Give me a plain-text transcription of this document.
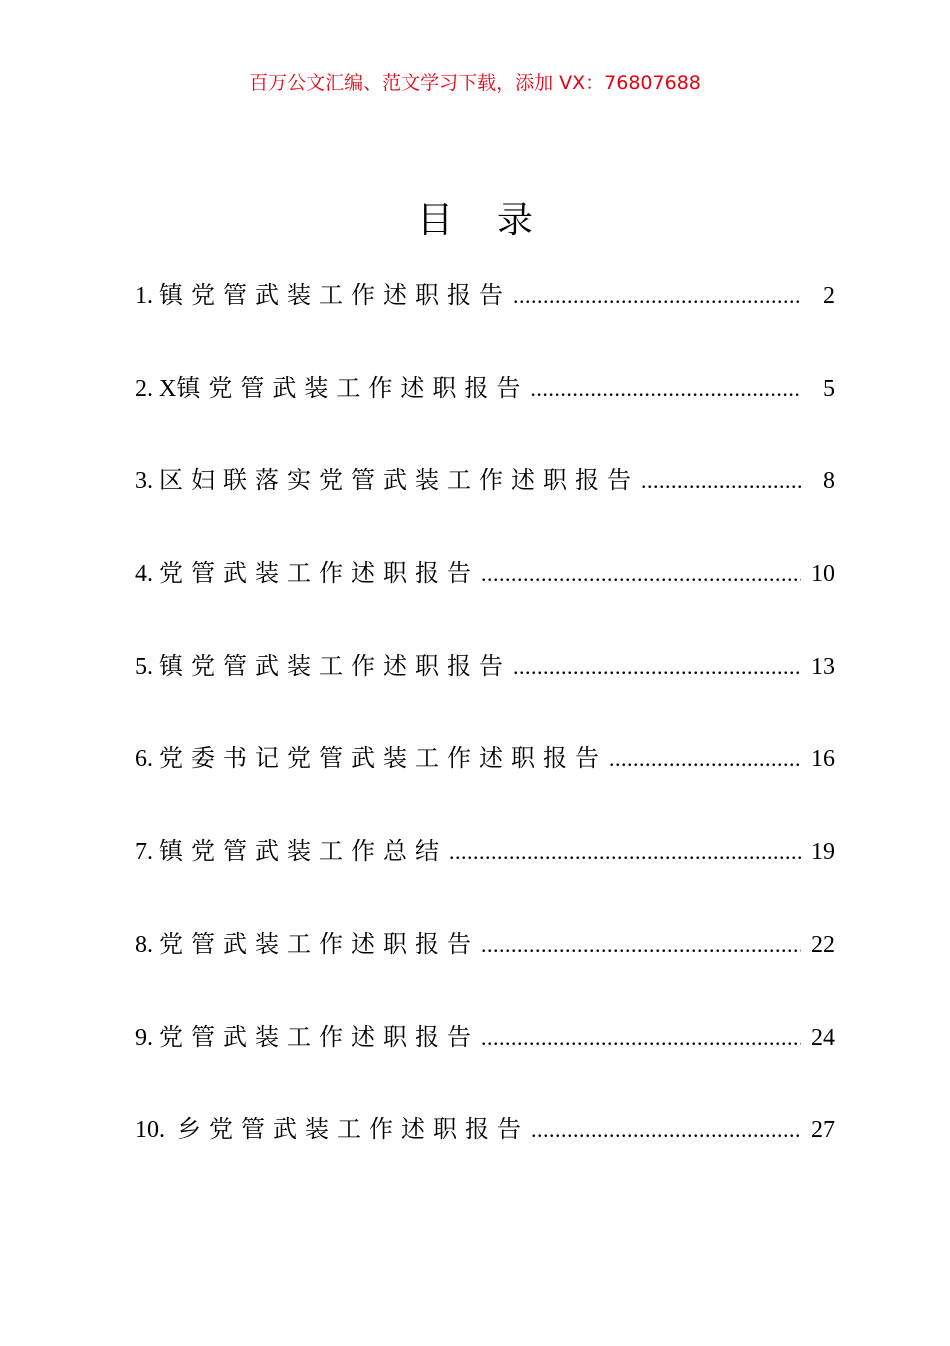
百万公文汇编、范文学习下载，添加 VX：76807688
目录
1. 镇党管武装工作述职报告 .....	2
2. X 镇党管武装工作述职报告 .....	5
3. 区妇联落实党管武装工作述职报告 .....	8
4. 党管武装工作述职报告 .....	10
5. 镇党管武装工作述职报告 .....	13
6. 党委书记党管武装工作述职报告 .....	16
7. 镇党管武装工作总结 .....	19
8. 党管武装工作述职报告 .....	22
9. 党管武装工作述职报告 .....	24
10. 乡党管武装工作述职报告 .....	27
